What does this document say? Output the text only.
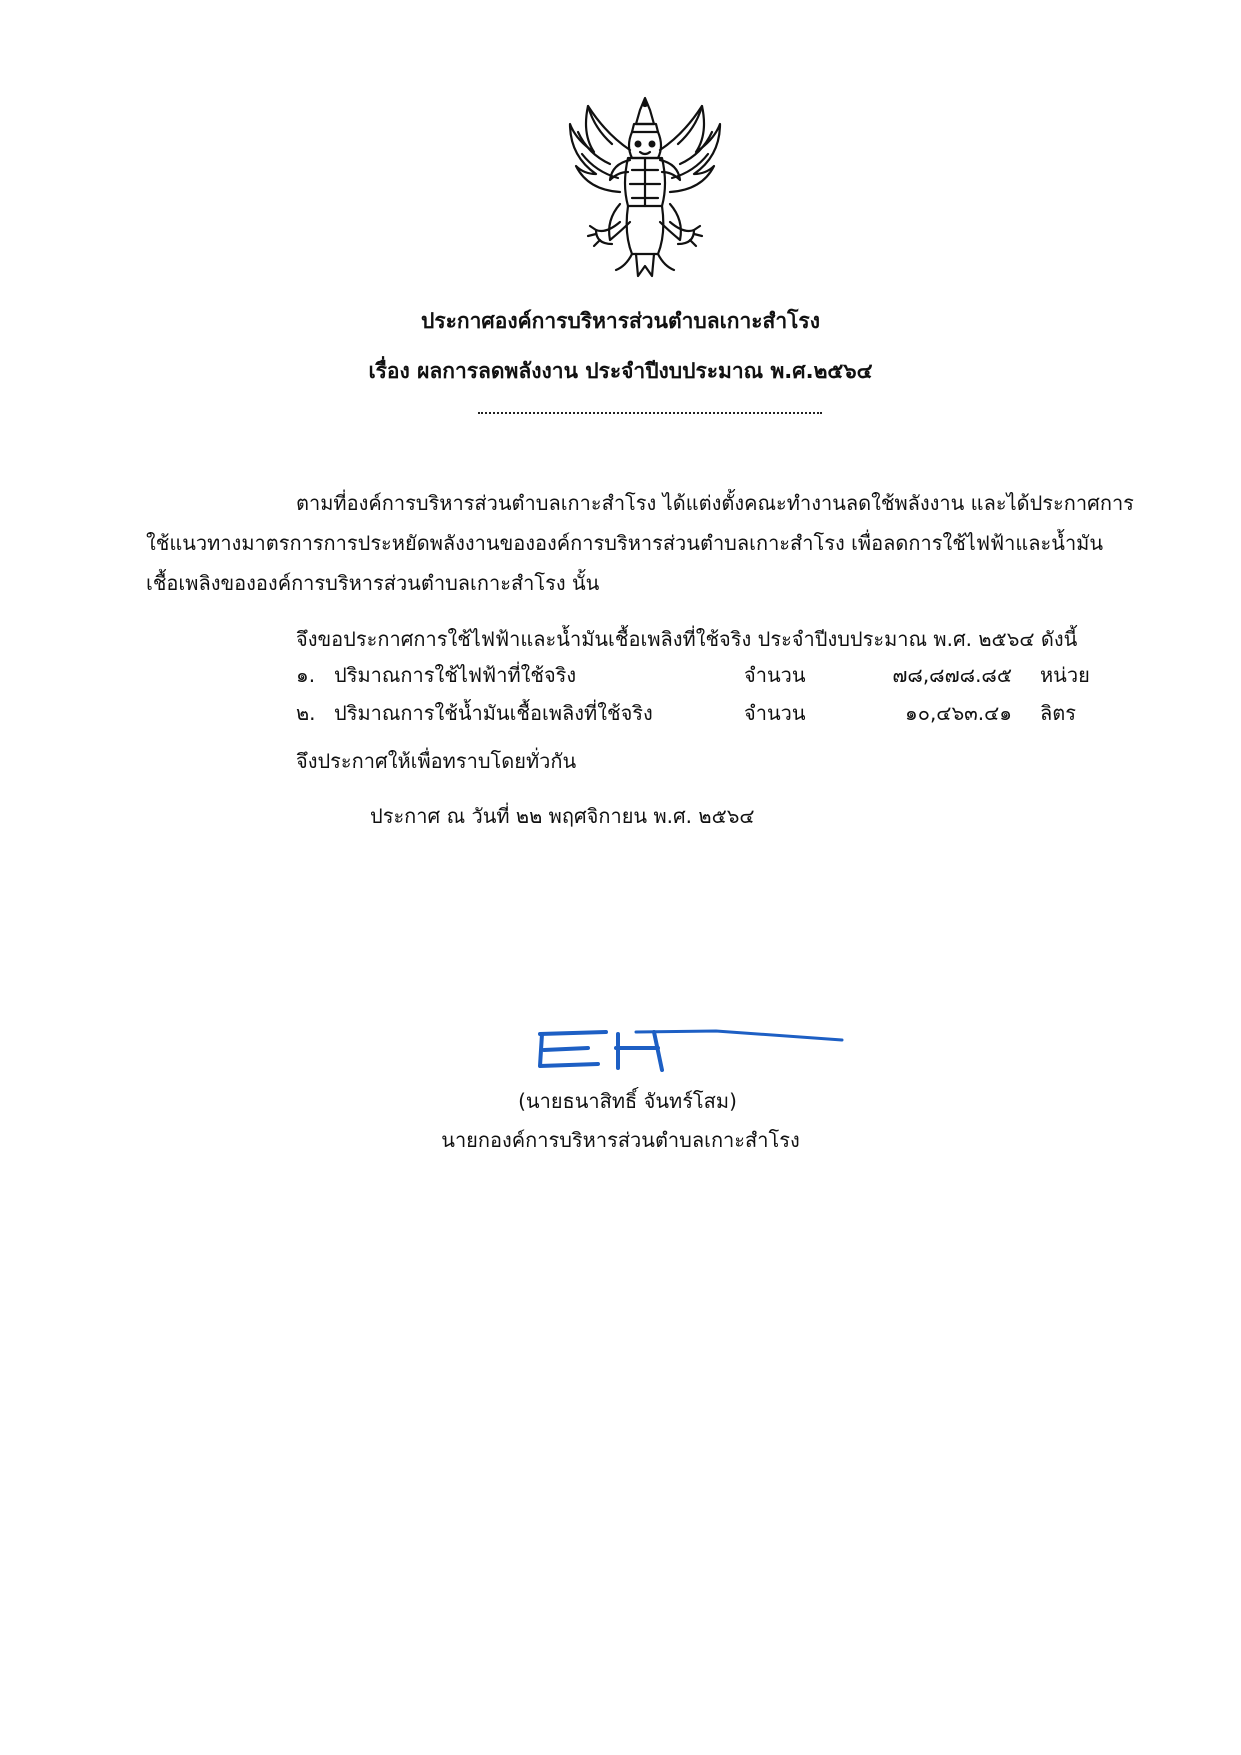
ประกาศองค์การบริหารส่วนตำบลเกาะสำโรง
เรื่อง ผลการลดพลังงาน ประจำปีงบประมาณ พ.ศ.๒๕๖๔
ตามที่องค์การบริหารส่วนตำบลเกาะสำโรง ได้แต่งตั้งคณะทำงานลดใช้พลังงาน และได้ประกาศการ
ใช้แนวทางมาตรการการประหยัดพลังงานขององค์การบริหารส่วนตำบลเกาะสำโรง เพื่อลดการใช้ไฟฟ้าและน้ำมัน
เชื้อเพลิงขององค์การบริหารส่วนตำบลเกาะสำโรง นั้น
จึงขอประกาศการใช้ไฟฟ้าและน้ำมันเชื้อเพลิงที่ใช้จริง ประจำปีงบประมาณ พ.ศ. ๒๕๖๔ ดังนี้
๑. ปริมาณการใช้ไฟฟ้าที่ใช้จริง	จำนวน	๗๘,๘๗๘.๘๕ หน่วย
๒. ปริมาณการใช้น้ำมันเชื้อเพลิงที่ใช้จริง	จำนวน	๑๐,๔๖๓.๔๑ ลิตร
จึงประกาศให้เพื่อทราบโดยทั่วกัน
ประกาศ ณ วันที่ ๒๒ พฤศจิกายน พ.ศ. ๒๕๖๔
(นายธนาสิทธิ์ จันทร์โสม)
นายกองค์การบริหารส่วนตำบลเกาะสำโรง
